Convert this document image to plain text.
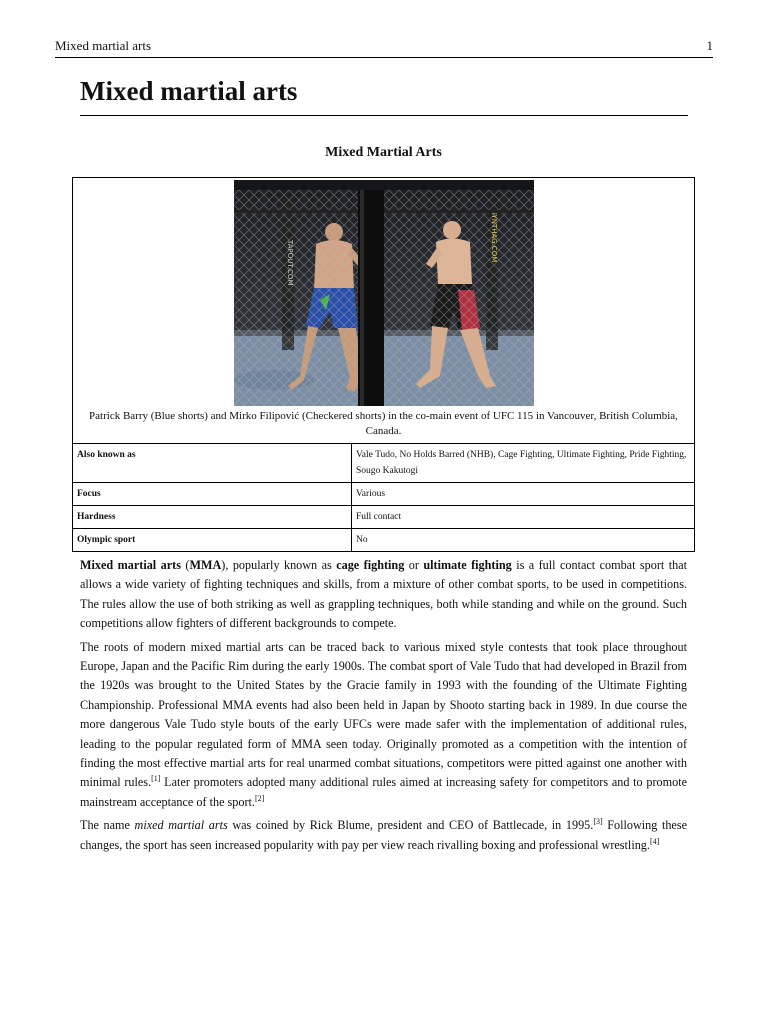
Mixed martial arts	1
Mixed martial arts
Mixed Martial Arts
Patrick Barry (Blue shorts) and Mirko Filipović (Checkered shorts) in the co-main event of UFC 115 in Vancouver, British Columbia, Canada.
Also known as	Vale Tudo, No Holds Barred (NHB), Cage Fighting, Ultimate Fighting, Pride Fighting, Sougo Kakutogi
Focus	Various
Hardness	Full contact
Olympic sport	No

Mixed martial arts (MMA), popularly known as cage fighting or ultimate fighting is a full contact combat sport that allows a wide variety of fighting techniques and skills, from a mixture of other combat sports, to be used in competitions. The rules allow the use of both striking as well as grappling techniques, both while standing and while on the ground. Such competitions allow fighters of different backgrounds to compete.

The roots of modern mixed martial arts can be traced back to various mixed style contests that took place throughout Europe, Japan and the Pacific Rim during the early 1900s. The combat sport of Vale Tudo that had developed in Brazil from the 1920s was brought to the United States by the Gracie family in 1993 with the founding of the Ultimate Fighting Championship. Professional MMA events had also been held in Japan by Shooto starting back in 1989. In due course the more dangerous Vale Tudo style bouts of the early UFCs were made safer with the implementation of additional rules, leading to the popular regulated form of MMA seen today. Originally promoted as a competition with the intention of finding the most effective martial arts for real unarmed combat situations, competitors were pitted against one another with minimal rules.[1] Later promoters adopted many additional rules aimed at increasing safety for competitors and to promote mainstream acceptance of the sport.[2]

The name mixed martial arts was coined by Rick Blume, president and CEO of Battlecade, in 1995.[3] Following these changes, the sport has seen increased popularity with pay per view reach rivalling boxing and professional wrestling.[4]
